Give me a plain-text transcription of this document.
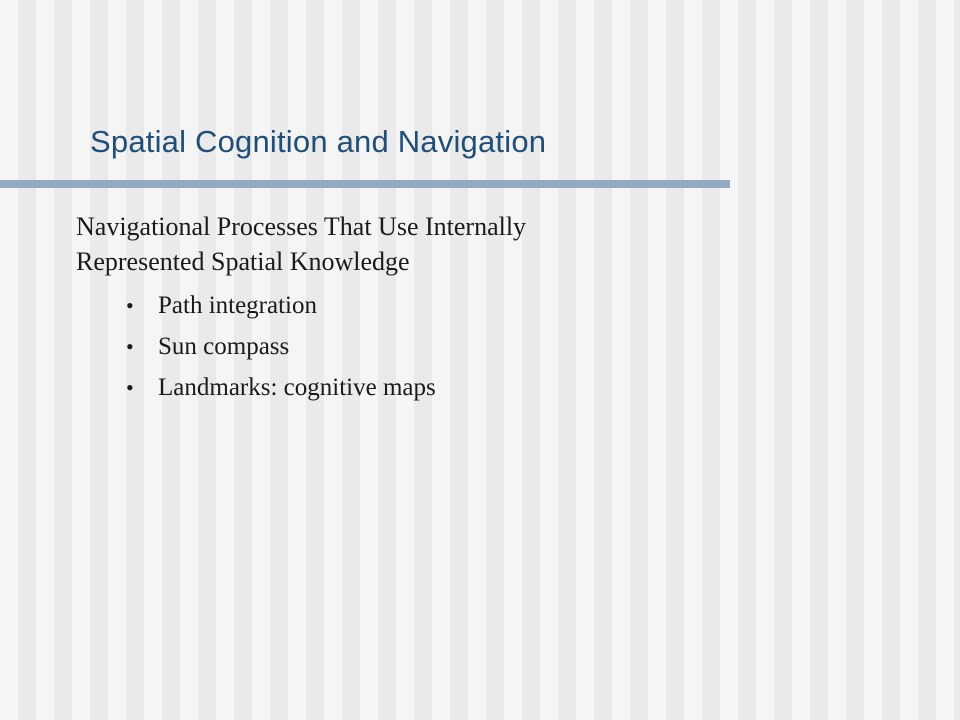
Spatial Cognition and Navigation
Navigational Processes That Use Internally
Represented Spatial Knowledge
• Path integration
• Sun compass
• Landmarks: cognitive maps
